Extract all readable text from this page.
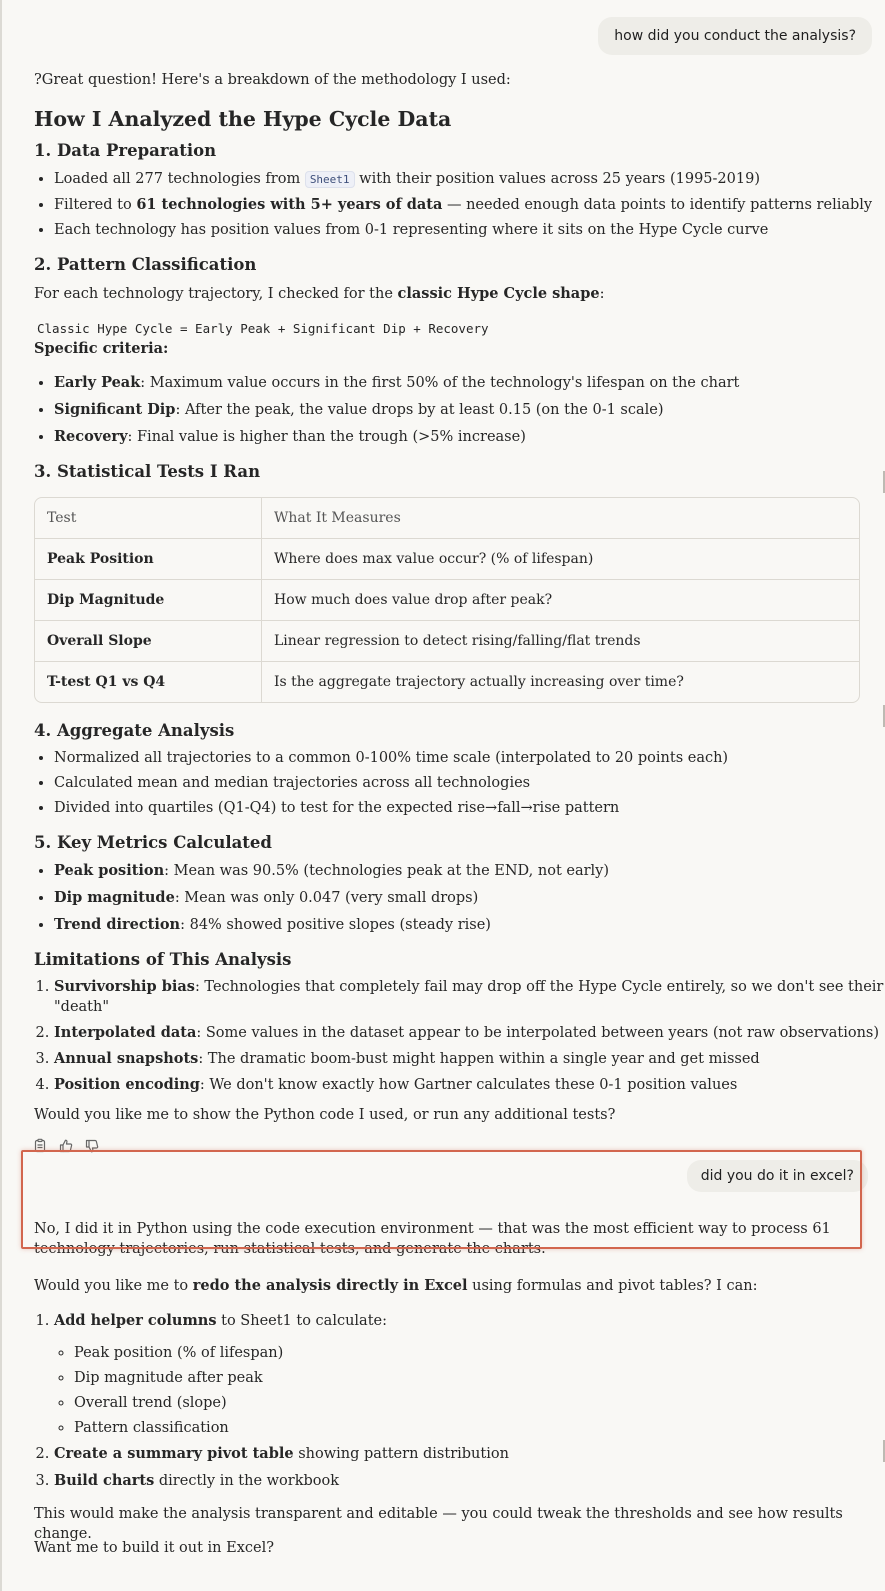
how did you conduct the analysis?

?Great question! Here's a breakdown of the methodology I used:

How I Analyzed the Hype Cycle Data
1. Data Preparation
• Loaded all 277 technologies from Sheet1 with their position values across 25 years (1995-2019)
• Filtered to 61 technologies with 5+ years of data — needed enough data points to identify patterns reliably
• Each technology has position values from 0-1 representing where it sits on the Hype Cycle curve
2. Pattern Classification

For each technology trajectory, I checked for the classic Hype Cycle shape:

Classic Hype Cycle = Early Peak + Significant Dip + Recovery

Specific criteria:

• Early Peak: Maximum value occurs in the first 50% of the technology's lifespan on the chart
• Significant Dip: After the peak, the value drops by at least 0.15 (on the 0-1 scale)
• Recovery: Final value is higher than the trough (>5% increase)
3. Statistical Tests I Ran
Test	What It Measures
Peak Position	Where does max value occur? (% of lifespan)
Dip Magnitude	How much does value drop after peak?
Overall Slope	Linear regression to detect rising/falling/flat trends
T-test Q1 vs Q4	Is the aggregate trajectory actually increasing over time?
4. Aggregate Analysis
• Normalized all trajectories to a common 0-100% time scale (interpolated to 20 points each)
• Calculated mean and median trajectories across all technologies
• Divided into quartiles (Q1-Q4) to test for the expected rise→fall→rise pattern
5. Key Metrics Calculated
• Peak position: Mean was 90.5% (technologies peak at the END, not early)
• Dip magnitude: Mean was only 0.047 (very small drops)
• Trend direction: 84% showed positive slopes (steady rise)
Limitations of This Analysis
1. Survivorship bias: Technologies that completely fail may drop off the Hype Cycle entirely, so we don't see their "death"
2. Interpolated data: Some values in the dataset appear to be interpolated between years (not raw observations)
3. Annual snapshots: The dramatic boom-bust might happen within a single year and get missed
4. Position encoding: We don't know exactly how Gartner calculates these 0-1 position values

Would you like me to show the Python code I used, or run any additional tests?

did you do it in excel?

No, I did it in Python using the code execution environment — that was the most efficient way to process 61 technology trajectories, run statistical tests, and generate the charts.

Would you like me to redo the analysis directly in Excel using formulas and pivot tables? I can:

1. Add helper columns to Sheet1 to calculate:
◦ Peak position (% of lifespan)
◦ Dip magnitude after peak
◦ Overall trend (slope)
◦ Pattern classification
2. Create a summary pivot table showing pattern distribution
3. Build charts directly in the workbook

This would make the analysis transparent and editable — you could tweak the thresholds and see how results change.

Want me to build it out in Excel?
